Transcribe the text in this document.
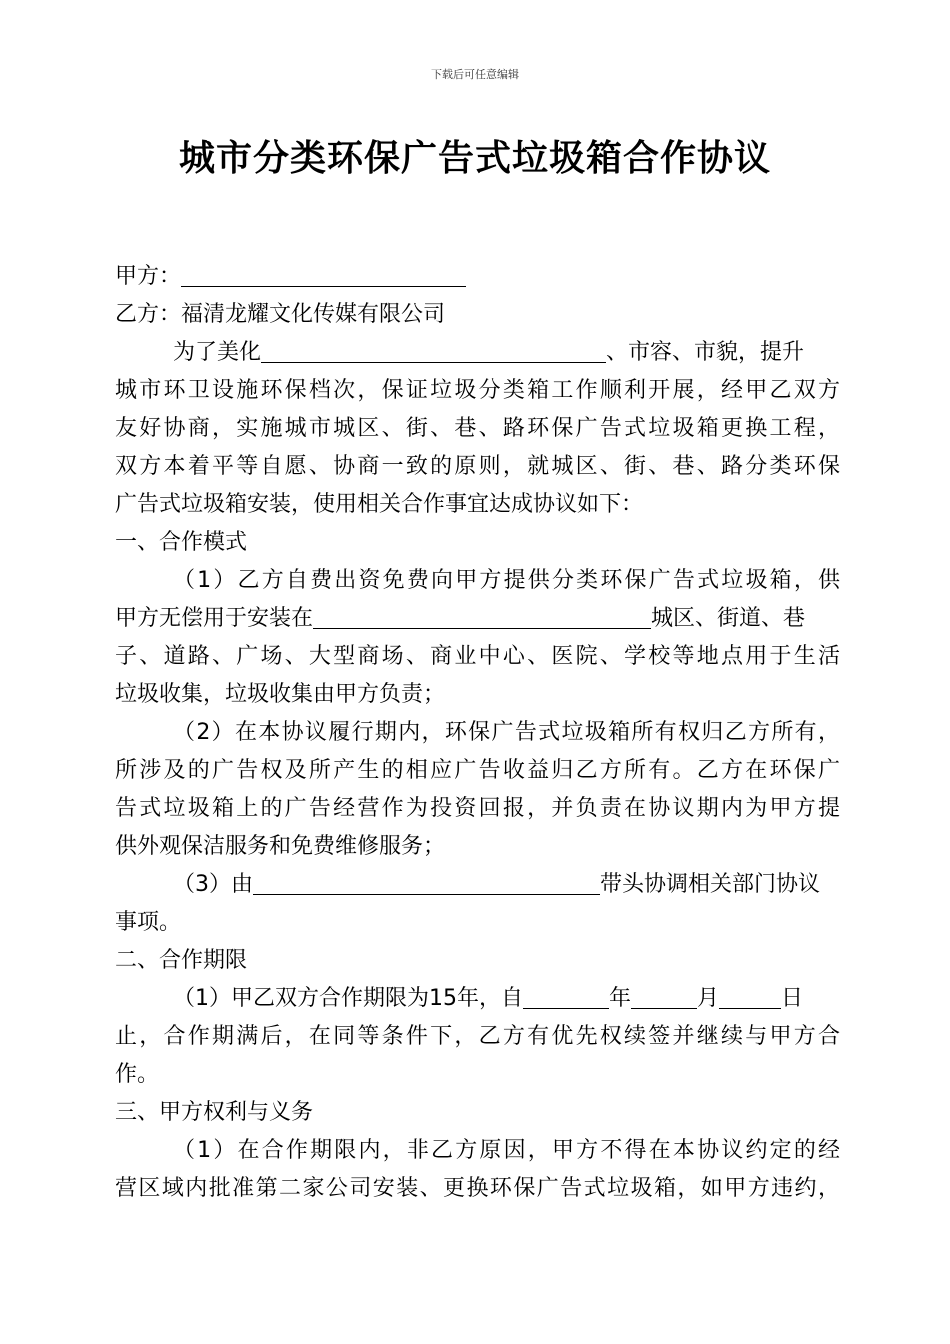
下载后可任意编辑
城市分类环保广告式垃圾箱合作协议
甲方：
乙方：福清龙耀文化传媒有限公司
为了美化	、市容、市貌，提升
城市环卫设施环保档次，保证垃圾分类箱工作顺利开展，经甲乙双方
友好协商，实施城市城区、街、巷、路环保广告式垃圾箱更换工程，
双方本着平等自愿、协商一致的原则，就城区、街、巷、路分类环保
广告式垃圾箱安装，使用相关合作事宜达成协议如下：
一、合作模式
（1）乙方自费出资免费向甲方提供分类环保广告式垃圾箱，供
甲方无偿用于安装在	城区、街道、巷
子、道路、广场、大型商场、商业中心、医院、学校等地点用于生活
垃圾收集，垃圾收集由甲方负责；
（2）在本协议履行期内，环保广告式垃圾箱所有权归乙方所有，
所涉及的广告权及所产生的相应广告收益归乙方所有。乙方在环保广
告式垃圾箱上的广告经营作为投资回报，并负责在协议期内为甲方提
供外观保洁服务和免费维修服务；
（3）由	带头协调相关部门协议
事项。
二、合作期限
（1）甲乙双方合作期限为15年，自	年	月	日
止，合作期满后，在同等条件下，乙方有优先权续签并继续与甲方合
作。
三、甲方权利与义务
（1）在合作期限内，非乙方原因，甲方不得在本协议约定的经
营区域内批准第二家公司安装、更换环保广告式垃圾箱，如甲方违约，
